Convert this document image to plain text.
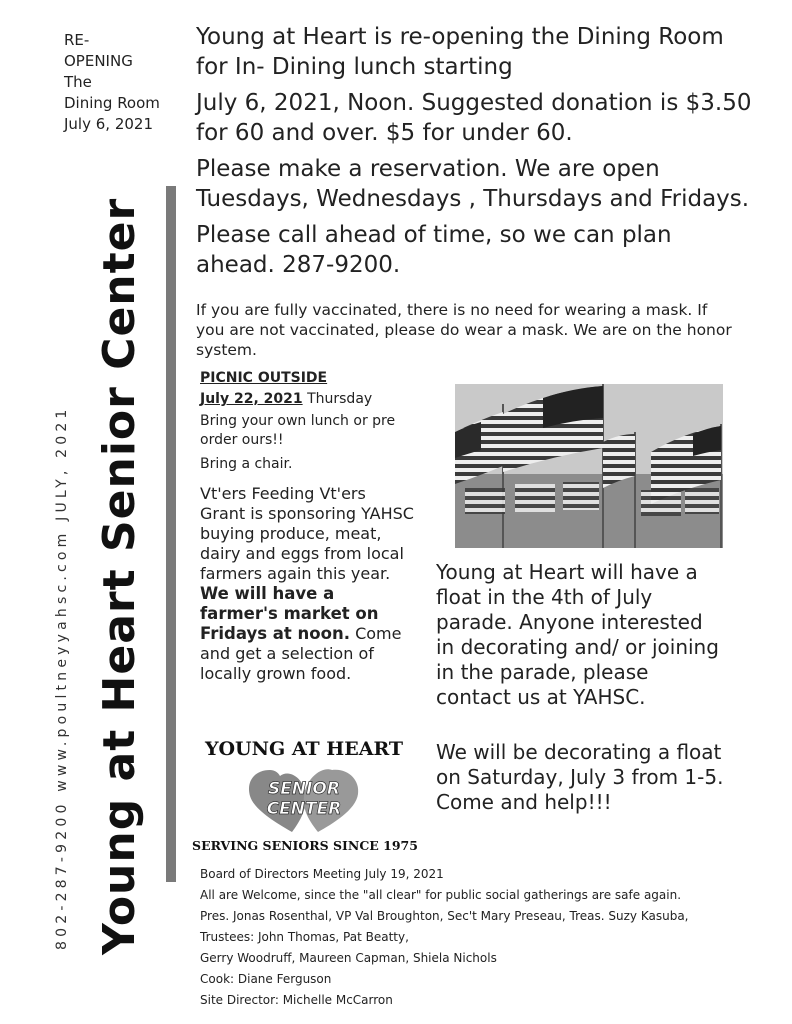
RE-
OPENING
The
Dining Room
July 6, 2021
Young at Heart Senior Center
802-287-9200 www.poultneyyahsc.com JULY, 2021

Young at Heart is re-opening the Dining Room for In- Dining lunch starting

July 6, 2021, Noon. Suggested donation is $3.50 for 60 and over. $5 for under 60.

Please make a reservation. We are open Tuesdays, Wednesdays , Thursdays and Fridays.

Please call ahead of time, so we can plan ahead. 287-9200.

If you are fully vaccinated, there is no need for wearing a mask. If you are not vaccinated, please do wear a mask. We are on the honor system.
PICNIC OUTSIDE
July 22, 2021 Thursday
Bring your own lunch or pre order ours!!
Bring a chair.
Vt'ers Feeding Vt'ers Grant is sponsoring YAHSC buying produce, meat, dairy and eggs from local farmers again this year. We will have a farmer's market on Fridays at noon. Come and get a selection of locally grown food.
Young at Heart will have a float in the 4th of July parade. Anyone interested in decorating and/ or joining in the parade, please contact us at YAHSC.
We will be decorating a float on Saturday, July 3 from 1-5. Come and help!!!
YOUNG AT HEART
SENIOR
CENTER
SERVING SENIORS SINCE 1975
Board of Directors Meeting July 19, 2021
All are Welcome, since the "all clear" for public social gatherings are safe again.
Pres. Jonas Rosenthal, VP Val Broughton, Sec't Mary Preseau, Treas. Suzy Kasuba,
Trustees: John Thomas, Pat Beatty,
Gerry Woodruff, Maureen Capman, Shiela Nichols
Cook: Diane Ferguson
Site Director: Michelle McCarron
